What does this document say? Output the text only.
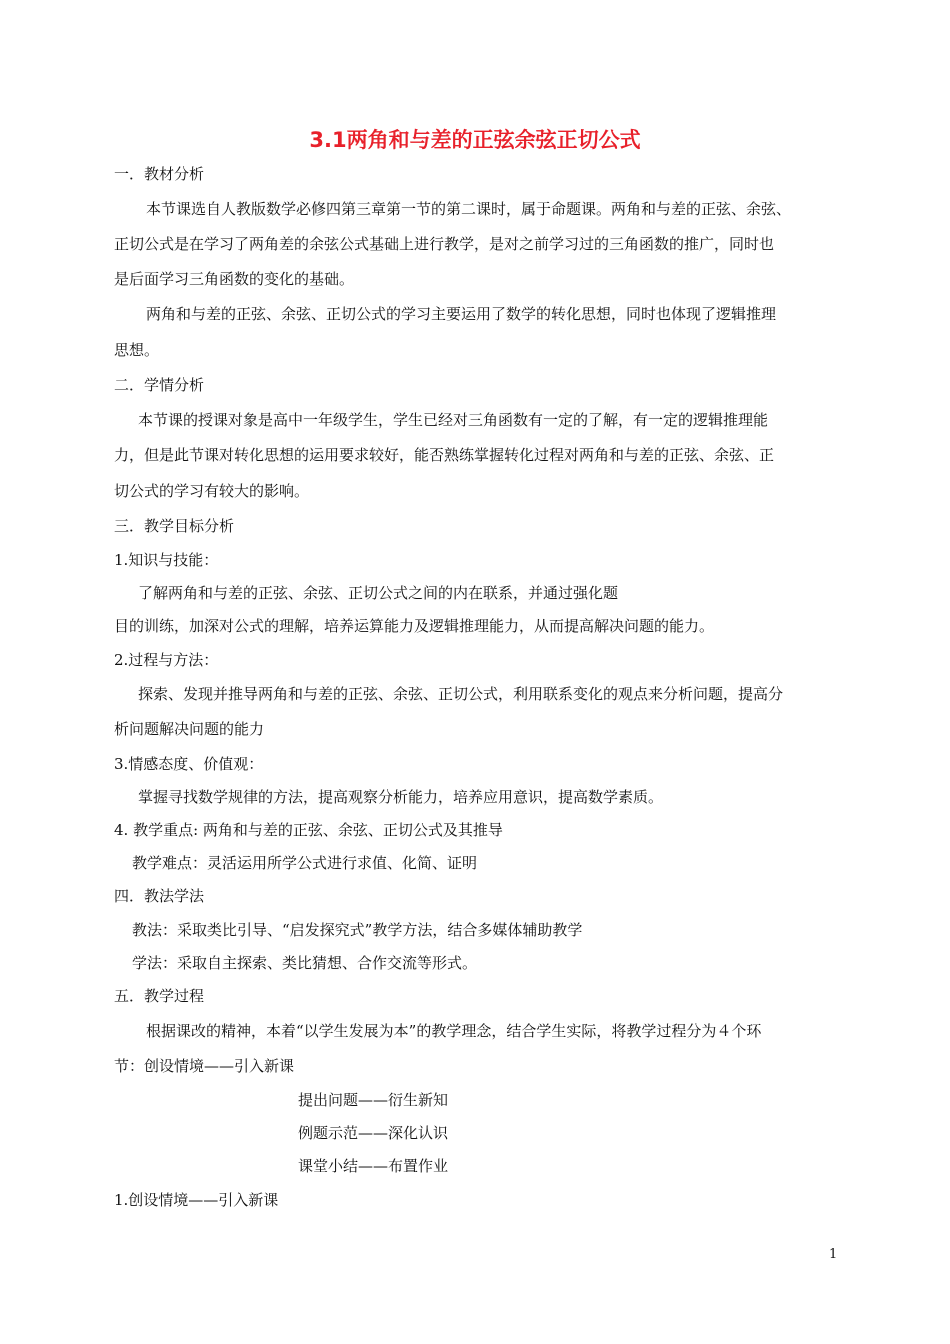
3.1两角和与差的正弦余弦正切公式
一．教材分析
本节课选自人教版数学必修四第三章第一节的第二课时，属于命题课。两角和与差的正弦、余弦、
正切公式是在学习了两角差的余弦公式基础上进行教学，是对之前学习过的三角函数的推广，同时也
是后面学习三角函数的变化的基础。
两角和与差的正弦、余弦、正切公式的学习主要运用了数学的转化思想，同时也体现了逻辑推理
思想。
二．学情分析
本节课的授课对象是高中一年级学生，学生已经对三角函数有一定的了解，有一定的逻辑推理能
力，但是此节课对转化思想的运用要求较好，能否熟练掌握转化过程对两角和与差的正弦、余弦、正
切公式的学习有较大的影响。
三．教学目标分析
1.知识与技能：
了解两角和与差的正弦、余弦、正切公式之间的内在联系，并通过强化题
目的训练，加深对公式的理解，培养运算能力及逻辑推理能力，从而提高解决问题的能力。
2.过程与方法：
探索、发现并推导两角和与差的正弦、余弦、正切公式，利用联系变化的观点来分析问题，提高分
析问题解决问题的能力
3.情感态度、价值观：
掌握寻找数学规律的方法，提高观察分析能力，培养应用意识，提高数学素质。
4. 教学重点: 两角和与差的正弦、余弦、正切公式及其推导
教学难点：灵活运用所学公式进行求值、化简、证明
四．教法学法
教法：采取类比引导、“启发探究式”教学方法，结合多媒体辅助教学
学法：采取自主探索、类比猜想、合作交流等形式。
五．教学过程
根据课改的精神，本着“以学生发展为本”的教学理念，结合学生实际，将教学过程分为４个环
节：创设情境——引入新课
提出问题——衍生新知
例题示范——深化认识
课堂小结——布置作业
1.创设情境——引入新课
1
